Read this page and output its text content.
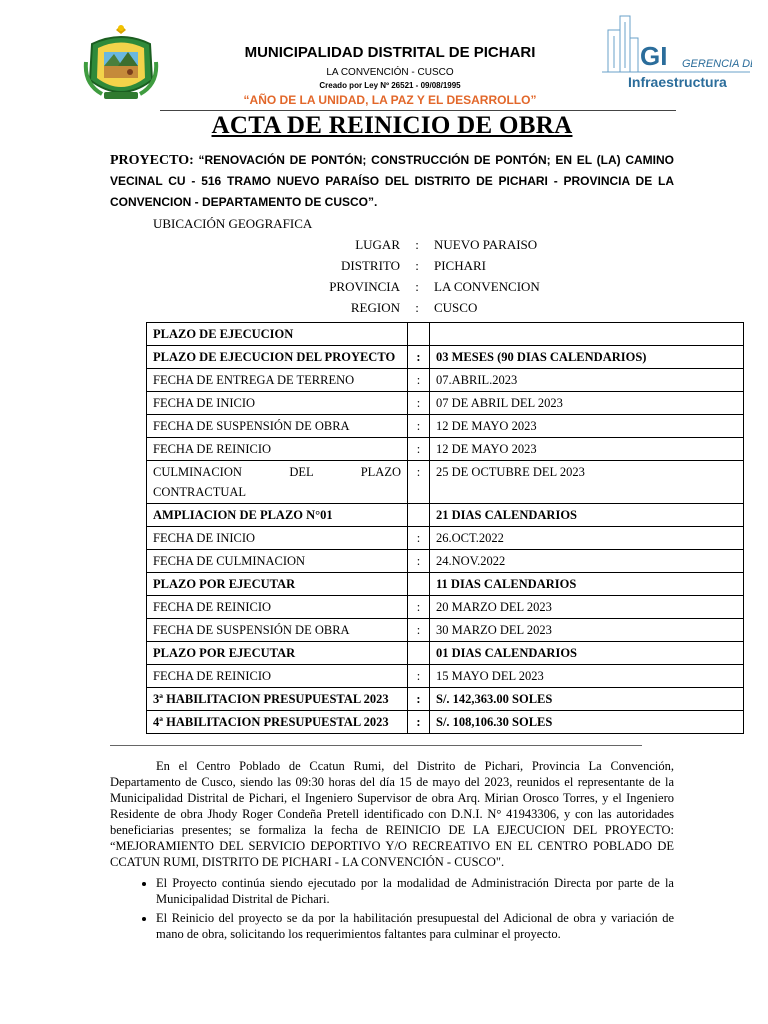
MUNICIPALIDAD DISTRITAL DE PICHARI
LA CONVENCIÓN - CUSCO
Creado por Ley Nº 26521 - 09/08/1995
“AÑO DE LA UNIDAD, LA PAZ Y EL DESARROLLO”
GI GERENCIA DE
Infraestructura
ACTA DE REINICIO DE OBRA
PROYECTO: “RENOVACIÓN DE PONTÓN; CONSTRUCCIÓN DE PONTÓN; EN EL (LA) CAMINO VECINAL CU - 516 TRAMO NUEVO PARAÍSO DEL DISTRITO DE PICHARI - PROVINCIA DE LA CONVENCION - DEPARTAMENTO DE CUSCO”.
UBICACIÓN GEOGRAFICA
LUGAR : NUEVO PARAISO
DISTRITO : PICHARI
PROVINCIA : LA CONVENCION
REGION : CUSCO
PLAZO DE EJECUCION		
PLAZO DE EJECUCION DEL PROYECTO	:	03 MESES (90 DIAS CALENDARIOS)
FECHA DE ENTREGA DE TERRENO	:	07.ABRIL.2023
FECHA DE INICIO	:	07 DE ABRIL DEL 2023
FECHA DE SUSPENSIÓN DE OBRA	:	12 DE MAYO 2023
FECHA DE REINICIO	:	12 DE MAYO 2023
CULMINACION DEL PLAZO CONTRACTUAL	:	25 DE OCTUBRE DEL 2023
AMPLIACION DE PLAZO N°01		21 DIAS CALENDARIOS
FECHA DE INICIO	:	26.OCT.2022
FECHA DE CULMINACION	:	24.NOV.2022
PLAZO POR EJECUTAR		11 DIAS CALENDARIOS
FECHA DE REINICIO	:	20 MARZO DEL 2023
FECHA DE SUSPENSIÓN DE OBRA	:	30 MARZO DEL 2023
PLAZO POR EJECUTAR		01 DIAS CALENDARIOS
FECHA DE REINICIO	:	15 MAYO DEL 2023
3ª HABILITACION PRESUPUESTAL 2023	:	S/. 142,363.00 SOLES
4ª HABILITACION PRESUPUESTAL 2023	:	S/. 108,106.30 SOLES
En el Centro Poblado de Ccatun Rumi, del Distrito de Pichari, Provincia La Convención, Departamento de Cusco, siendo las 09:30 horas del día 15 de mayo del 2023, reunidos el representante de la Municipalidad Distrital de Pichari, el Ingeniero Supervisor de obra Arq. Mirian Orosco Torres, y el Ingeniero Residente de obra Jhody Roger Condeña Pretell identificado con D.N.I. N° 41943306, y con las autoridades beneficiarias presentes; se formaliza la fecha de REINICIO DE LA EJECUCION DEL PROYECTO: “MEJORAMIENTO DEL SERVICIO DEPORTIVO Y/O RECREATIVO EN EL CENTRO POBLADO DE CCATUN RUMI, DISTRITO DE PICHARI - LA CONVENCIÓN - CUSCO".
• El Proyecto continúa siendo ejecutado por la modalidad de Administración Directa por parte de la Municipalidad Distrital de Pichari.
• El Reinicio del proyecto se da por la habilitación presupuestal del Adicional de obra y variación de mano de obra, solicitando los requerimientos faltantes para culminar el proyecto.
